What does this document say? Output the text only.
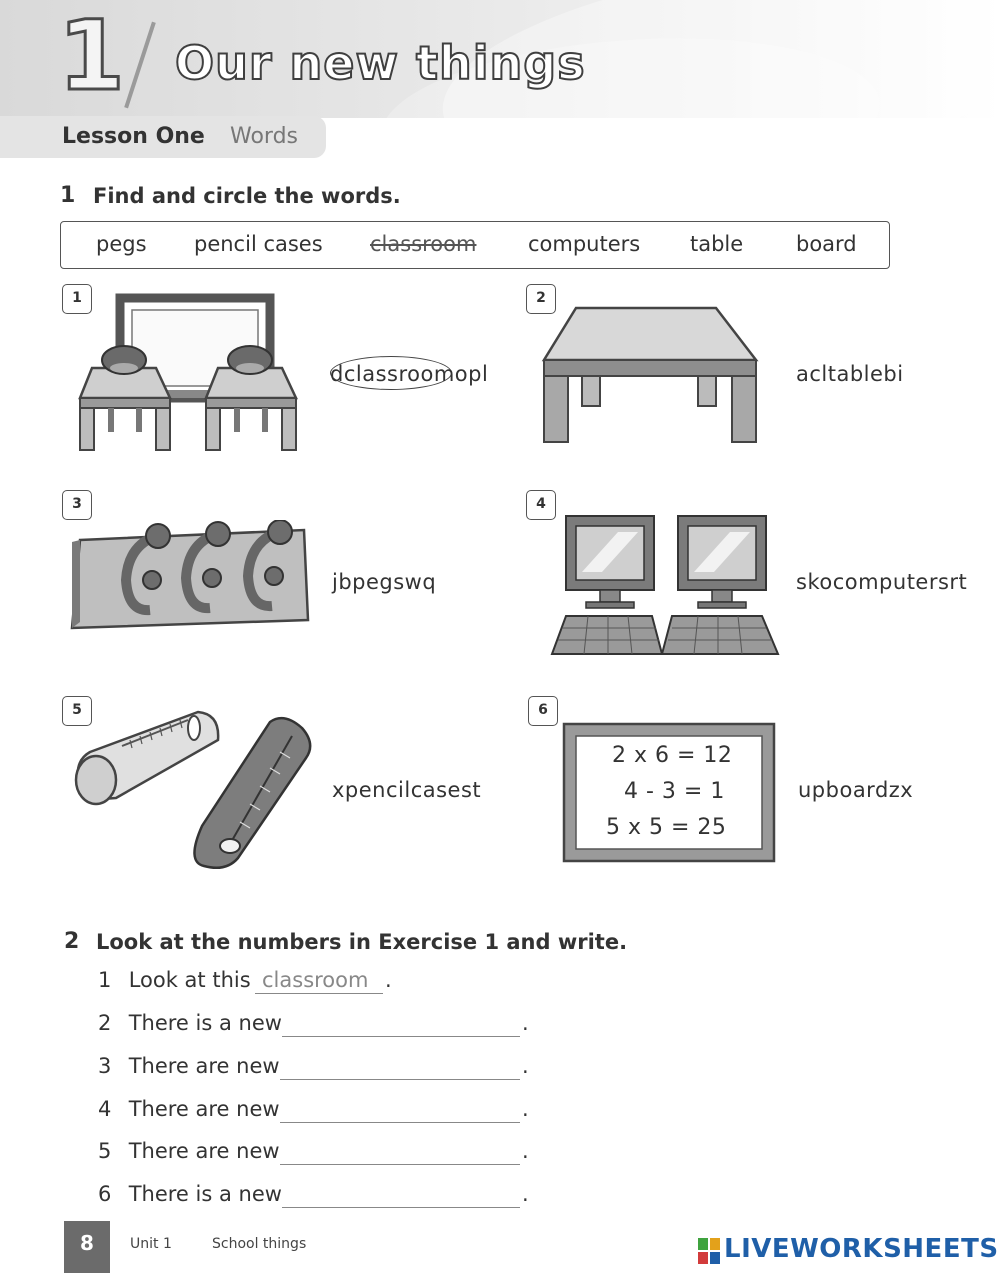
1 Our new things
Lesson One Words
1 Find and circle the words.
pegs pencil cases classroom computers table	board
1
dclassroomopl
2
acltablebi
3
jbpegswq
4
skocomputersrt
5
xpencilcasest
6
2 x 6 = 12
4 - 3 = 1
5 x 5 = 25
upboardzx
2 Look at the numbers in Exercise 1 and write.
1 Look at this classroom .
2 There is a new	.
3 There are new	.
4 There are new	.
5 There are new	.
6 There is a new	.
8	Unit 1	School things	LIVEWORKSHEETS
